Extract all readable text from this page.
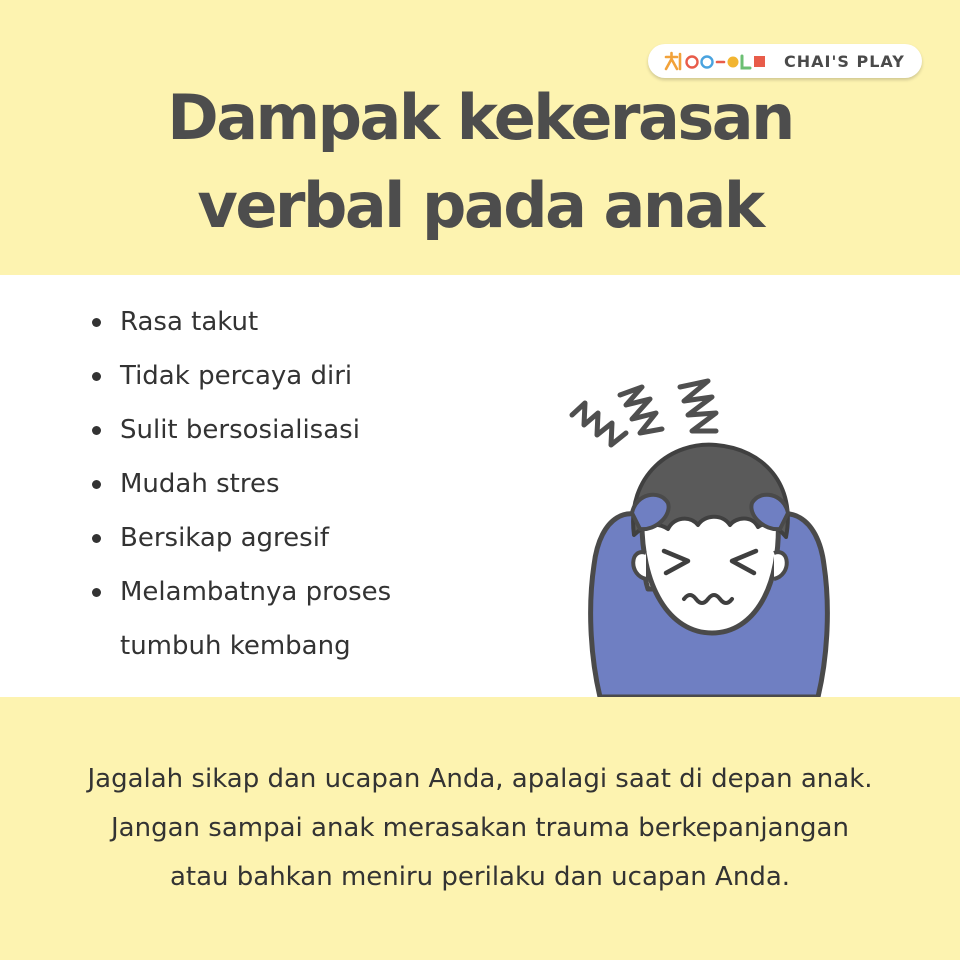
CHAI'S PLAY
Dampak kekerasan
verbal pada anak
Rasa takut
Tidak percaya diri
Sulit bersosialisasi
Mudah stres
Bersikap agresif
Melambatnya proses
tumbuh kembang

Jagalah sikap dan ucapan Anda, apalagi saat di depan anak.
Jangan sampai anak merasakan trauma berkepanjangan
atau bahkan meniru perilaku dan ucapan Anda.
